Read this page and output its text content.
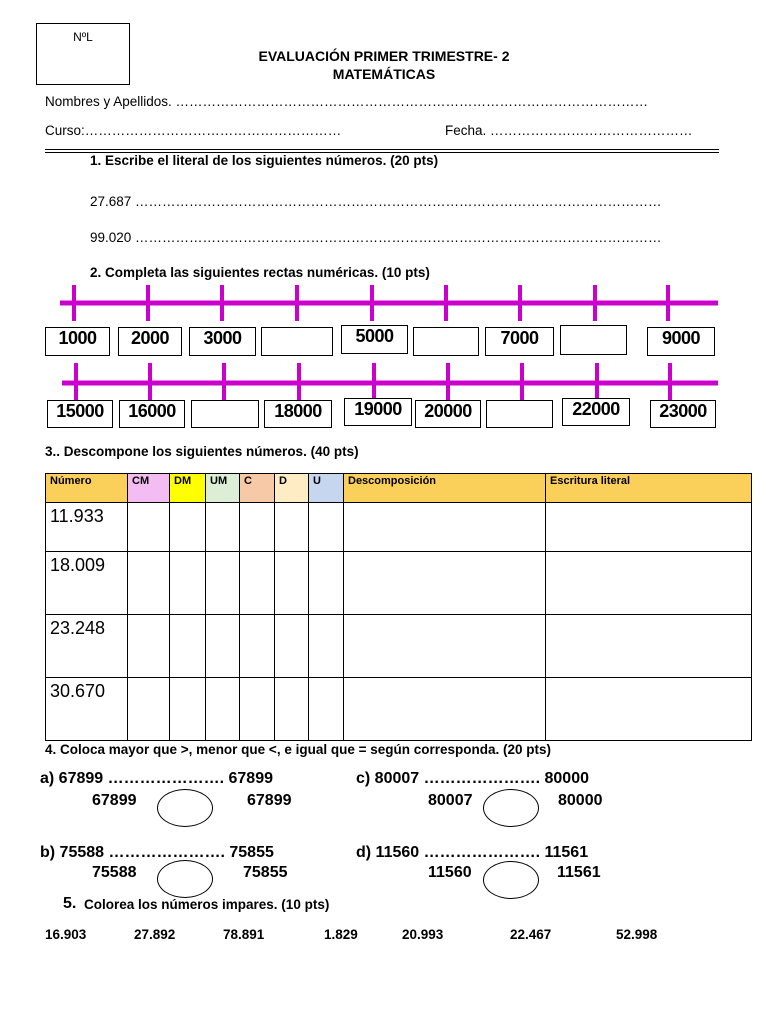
NºL
EVALUACIÓN PRIMER TRIMESTRE- 2
MATEMÁTICAS
Nombres y Apellidos. ……………………………………………………………………………………………
Curso:…………………………………………………	Fecha. ………………………………………
1. Escribe el literal de los siguientes números. (20 pts)
27.687 ………………………………………………………………………………………………………
99.020 ………………………………………………………………………………………………………
2. Completa las siguientes rectas numéricas. (10 pts)
1000	2000	3000	5000	7000	9000
15000	16000	18000	19000	20000	22000	23000
3.. Descompone los siguientes números. (40 pts)
Número	CM	DM	UM	C	D	U	Descomposición	Escritura literal
11.933								
18.009								
23.248								
30.670								
4. Coloca mayor que >, menor que <, e igual que = según corresponda. (20 pts)
a) 67899 …………………. 67899
67899	67899
c) 80007 …………………. 80000
80007	80000
b) 75588 …………………. 75855
75588	75855
d) 11560 …………………. 11561
11560	11561
5. Colorea los números impares. (10 pts)
16.903	27.892	78.891	1.829	20.993	22.467	52.998
